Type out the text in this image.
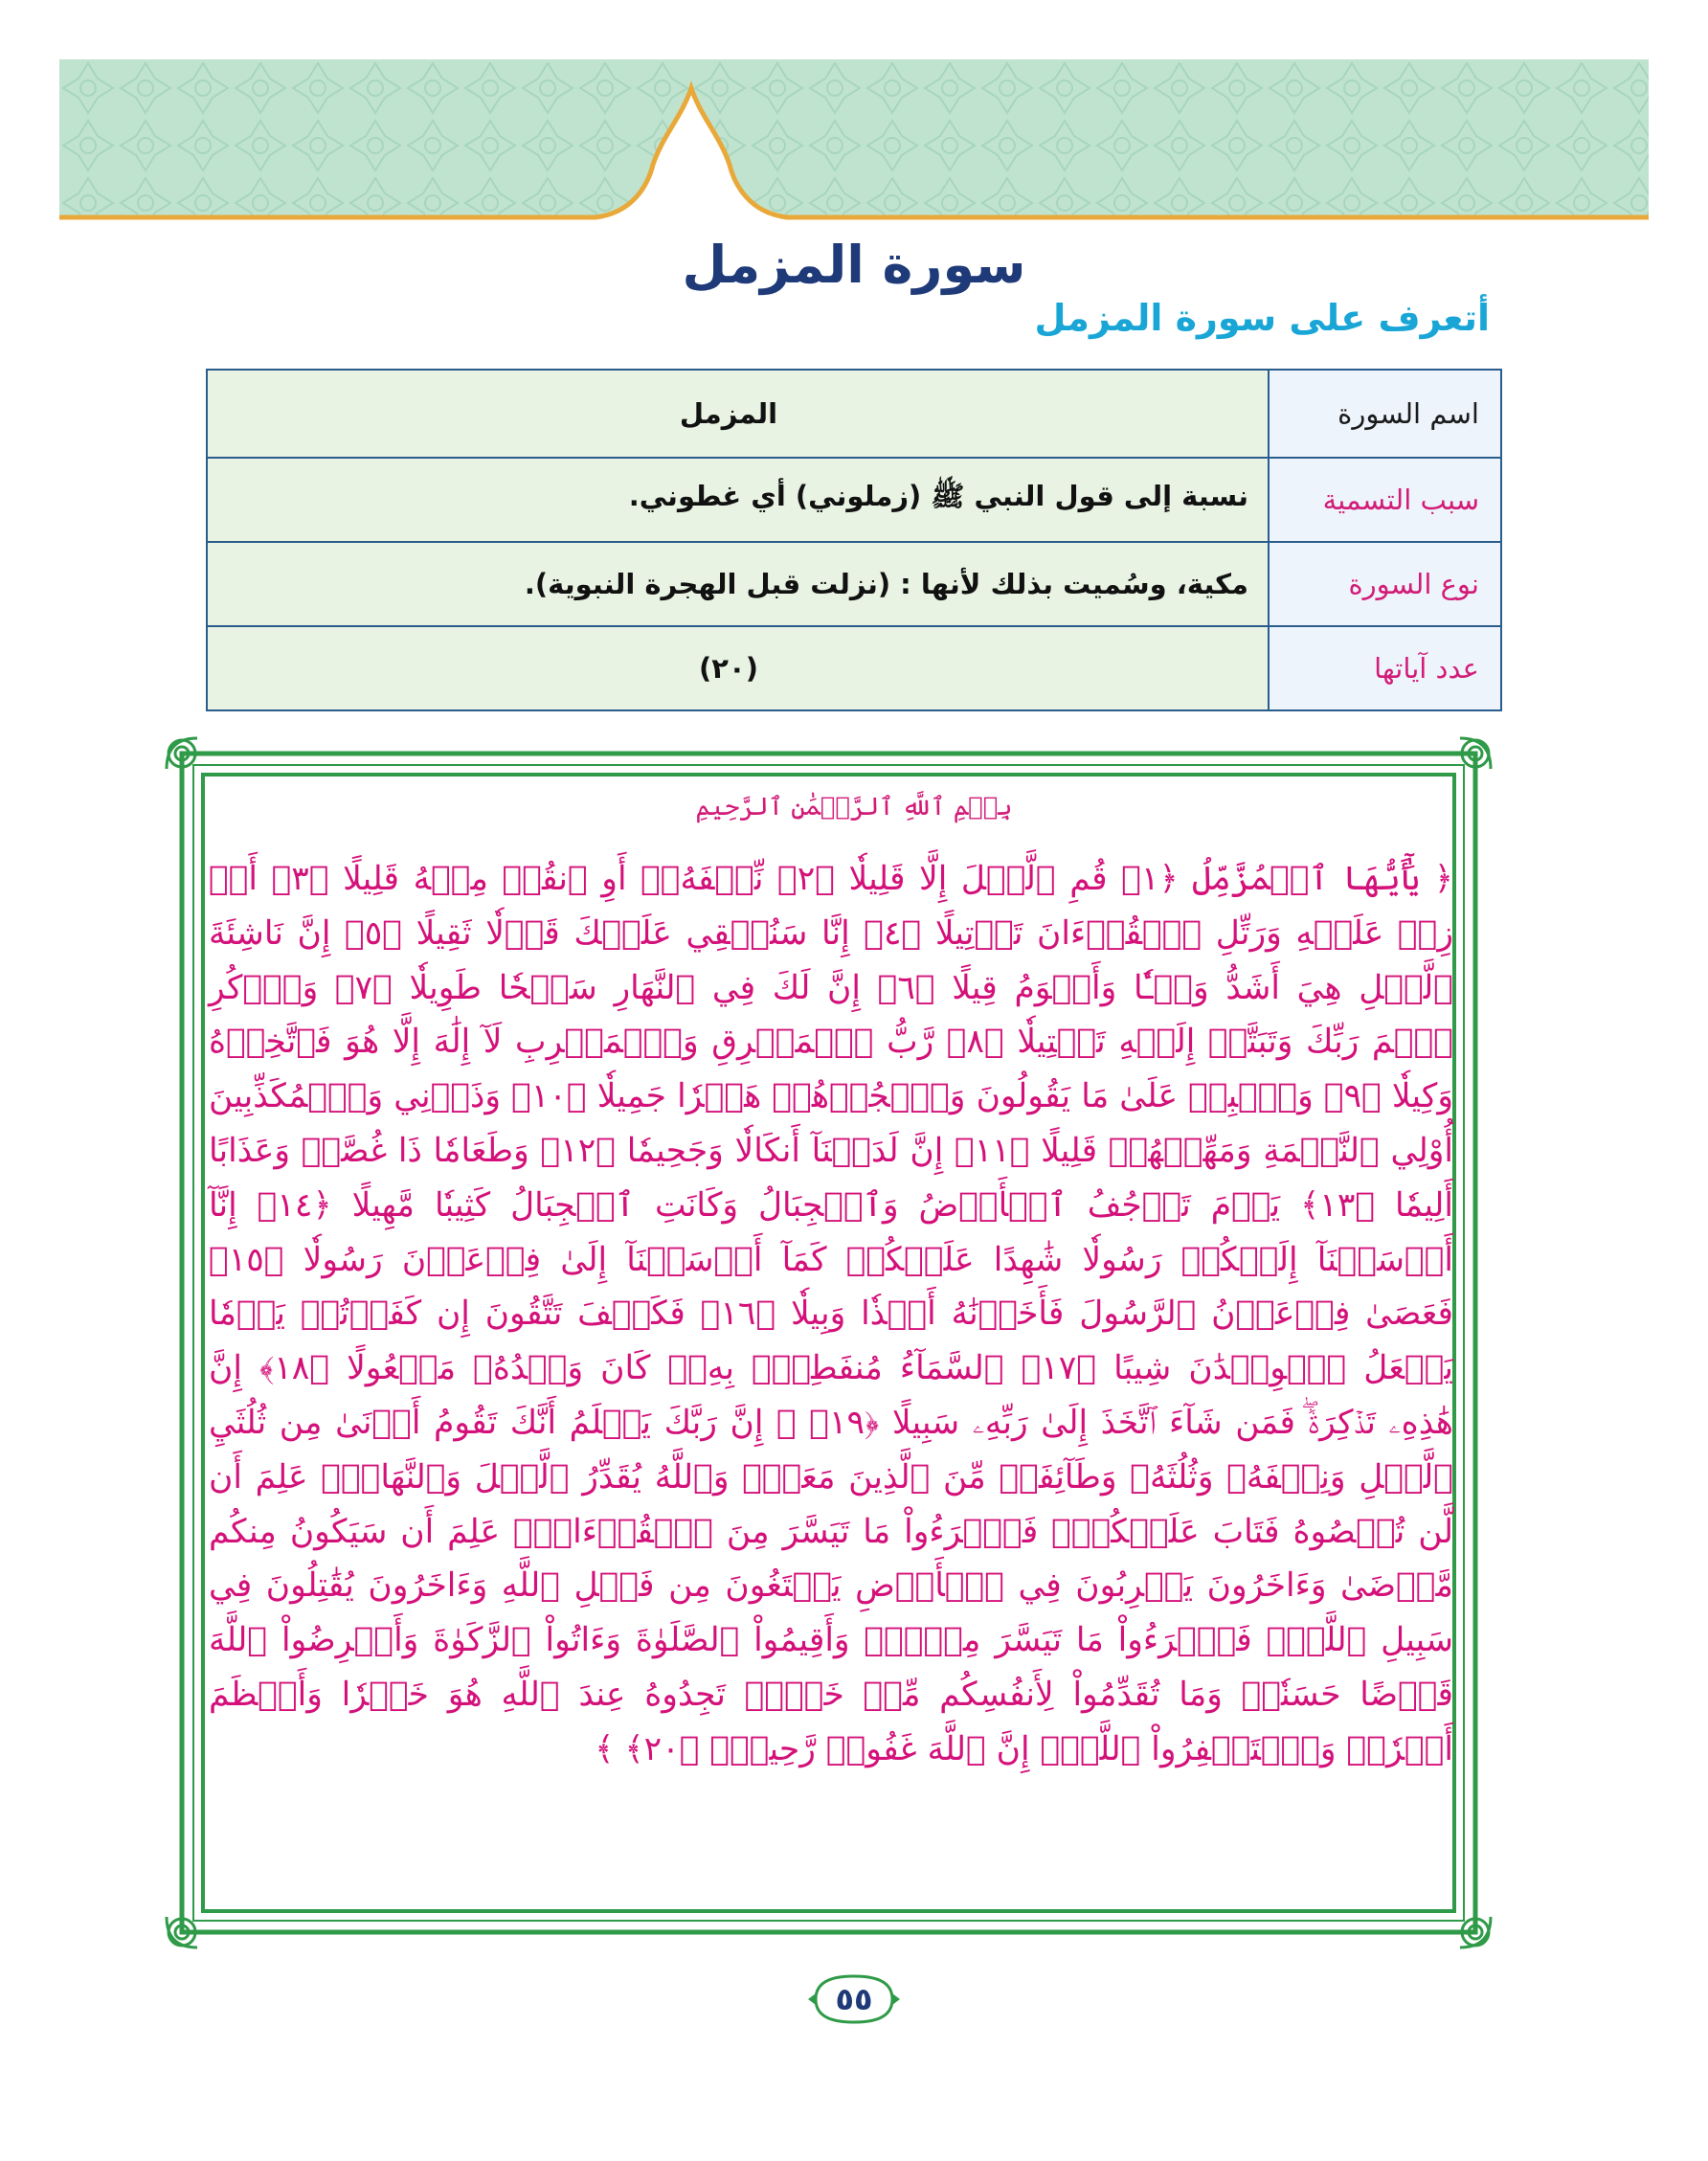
سورة المزمل
أتعرف على سورة المزمل
اسم السورة	المزمل
سبب التسمية	نسبة إلى قول النبي ﷺ (زملوني) أي غطوني.
نوع السورة	مكية، وسُميت بذلك لأنها : (نزلت قبل الهجرة النبوية).
عدد آياتها	(٢٠)
بِسۡمِ ٱللَّهِ ٱلرَّحۡمَٰنِ ٱلرَّحِيمِ
﴿ يَٰٓأَيُّهَا ٱلۡمُزَّمِّلُ ﴿١﴾ قُمِ ٱلَّيۡلَ إِلَّا قَلِيلٗا ﴿٢﴾ نِّصۡفَهُۥٓ أَوِ ٱنقُصۡ مِنۡهُ قَلِيلًا ﴿٣﴾ أَوۡ زِدۡ عَلَيۡهِ وَرَتِّلِ ٱلۡقُرۡءَانَ تَرۡتِيلًا ﴿٤﴾ إِنَّا سَنُلۡقِي عَلَيۡكَ قَوۡلٗا ثَقِيلًا ﴿٥﴾ إِنَّ نَاشِئَةَ ٱلَّيۡلِ هِيَ أَشَدُّ وَطۡـٔٗا وَأَقۡوَمُ قِيلًا ﴿٦﴾ إِنَّ لَكَ فِي ٱلنَّهَارِ سَبۡحٗا طَوِيلٗا ﴿٧﴾ وَٱذۡكُرِ ٱسۡمَ رَبِّكَ وَتَبَتَّلۡ إِلَيۡهِ تَبۡتِيلٗا ﴿٨﴾ رَّبُّ ٱلۡمَشۡرِقِ وَٱلۡمَغۡرِبِ لَآ إِلَٰهَ إِلَّا هُوَ فَٱتَّخِذۡهُ وَكِيلٗا ﴿٩﴾ وَٱصۡبِرۡ عَلَىٰ مَا يَقُولُونَ وَٱهۡجُرۡهُمۡ هَجۡرٗا جَمِيلٗا ﴿١٠﴾ وَذَرۡنِي وَٱلۡمُكَذِّبِينَ أُوْلِي ٱلنَّعۡمَةِ وَمَهِّلۡهُمۡ قَلِيلًا ﴿١١﴾ إِنَّ لَدَيۡنَآ أَنكَالٗا وَجَحِيمٗا ﴿١٢﴾ وَطَعَامٗا ذَا غُصَّةٖ وَعَذَابًا أَلِيمٗا ﴿١٣﴾ يَوۡمَ تَرۡجُفُ ٱلۡأَرۡضُ وَٱلۡجِبَالُ وَكَانَتِ ٱلۡجِبَالُ كَثِيبٗا مَّهِيلًا ﴿١٤﴾ إِنَّآ أَرۡسَلۡنَآ إِلَيۡكُمۡ رَسُولٗا شَٰهِدًا عَلَيۡكُمۡ كَمَآ أَرۡسَلۡنَآ إِلَىٰ فِرۡعَوۡنَ رَسُولٗا ﴿١٥﴾ فَعَصَىٰ فِرۡعَوۡنُ ٱلرَّسُولَ فَأَخَذۡنَٰهُ أَخۡذٗا وَبِيلٗا ﴿١٦﴾ فَكَيۡفَ تَتَّقُونَ إِن كَفَرۡتُمۡ يَوۡمٗا يَجۡعَلُ ٱلۡوِلۡدَٰنَ شِيبًا ﴿١٧﴾ ٱلسَّمَآءُ مُنفَطِرُۢ بِهِۦۚ كَانَ وَعۡدُهُۥ مَفۡعُولًا ﴿١٨﴾ إِنَّ هَٰذِهِۦ تَذۡكِرَةٞۖ فَمَن شَآءَ ٱتَّخَذَ إِلَىٰ رَبِّهِۦ سَبِيلًا ﴿١٩﴾ ۞ إِنَّ رَبَّكَ يَعۡلَمُ أَنَّكَ تَقُومُ أَدۡنَىٰ مِن ثُلُثَيِ ٱلَّيۡلِ وَنِصۡفَهُۥ وَثُلُثَهُۥ وَطَآئِفَةٞ مِّنَ ٱلَّذِينَ مَعَكَۚ وَٱللَّهُ يُقَدِّرُ ٱلَّيۡلَ وَٱلنَّهَارَۚ عَلِمَ أَن لَّن تُحۡصُوهُ فَتَابَ عَلَيۡكُمۡۖ فَٱقۡرَءُواْ مَا تَيَسَّرَ مِنَ ٱلۡقُرۡءَانِۚ عَلِمَ أَن سَيَكُونُ مِنكُم مَّرۡضَىٰ وَءَاخَرُونَ يَضۡرِبُونَ فِي ٱلۡأَرۡضِ يَبۡتَغُونَ مِن فَضۡلِ ٱللَّهِ وَءَاخَرُونَ يُقَٰتِلُونَ فِي سَبِيلِ ٱللَّهِۖ فَٱقۡرَءُواْ مَا تَيَسَّرَ مِنۡهُۚ وَأَقِيمُواْ ٱلصَّلَوٰةَ وَءَاتُواْ ٱلزَّكَوٰةَ وَأَقۡرِضُواْ ٱللَّهَ قَرۡضًا حَسَنٗاۚ وَمَا تُقَدِّمُواْ لِأَنفُسِكُم مِّنۡ خَيۡرٖ تَجِدُوهُ عِندَ ٱللَّهِ هُوَ خَيۡرٗا وَأَعۡظَمَ أَجۡرٗاۚ وَٱسۡتَغۡفِرُواْ ٱللَّهَۖ إِنَّ ٱللَّهَ غَفُورٞ رَّحِيمُۢ ﴿٢٠﴾ ﴾
٥٥
